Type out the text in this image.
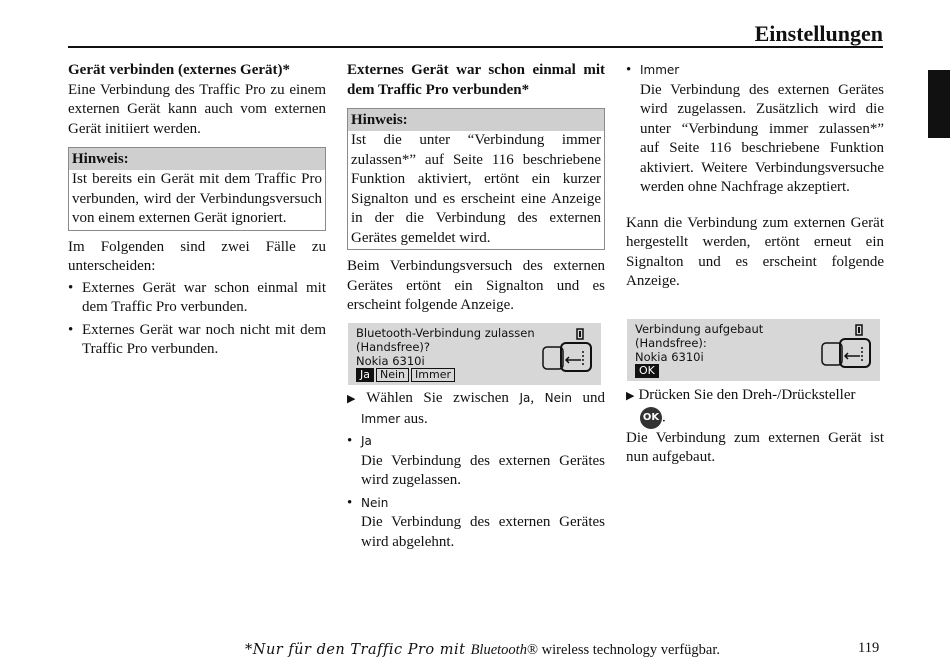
Einstellungen

Gerät verbinden (externes Gerät)*

Eine Verbindung des Traffic Pro zu einem externen Gerät kann auch vom externen Gerät initiiert werden.

Hinweis:
Ist bereits ein Gerät mit dem Traffic Pro verbunden, wird der Verbindungsversuch von einem externen Gerät ignoriert.

Im Folgenden sind zwei Fälle zu unterscheiden:

• Externes Gerät war schon einmal mit dem Traffic Pro verbunden.
• Externes Gerät war noch nicht mit dem Traffic Pro verbunden.

Externes Gerät war schon einmal mit dem Traffic Pro verbunden*

Hinweis:
Ist die unter “Verbindung immer zulassen*” auf Seite 116 beschriebene Funktion aktiviert, ertönt ein kurzer Signalton und es erscheint eine Anzeige in der die Verbindung des externen Gerätes gemeldet wird.

Beim Verbindungsversuch des externen Gerätes ertönt ein Signalton und es erscheint folgende Anzeige.

Bluetooth-Verbindung zulassen
(Handsfree)?
Nokia 6310i
Ja Nein Immer

▶ Wählen Sie zwischen Ja, Nein und Immer aus.

• Ja
Die Verbindung des externen Gerätes wird zugelassen.
• Nein
Die Verbindung des externen Gerätes wird abgelehnt.
• Immer
Die Verbindung des externen Gerätes wird zugelassen. Zusätzlich wird die unter “Verbindung immer zulassen*” auf Seite 116 beschriebene Funktion aktiviert. Weitere Verbindungsversuche werden ohne Nachfrage akzeptiert.

Kann die Verbindung zum externen Gerät hergestellt werden, ertönt erneut ein Signalton und es erscheint folgende Anzeige.

Verbindung aufgebaut
(Handsfree):
Nokia 6310i
OK

▶ Drücken Sie den Dreh-/Drücksteller

OK .

Die Verbindung zum externen Gerät ist nun aufgebaut.

*Nur für den Traffic Pro mit Bluetooth® wireless technology verfügbar.	119
